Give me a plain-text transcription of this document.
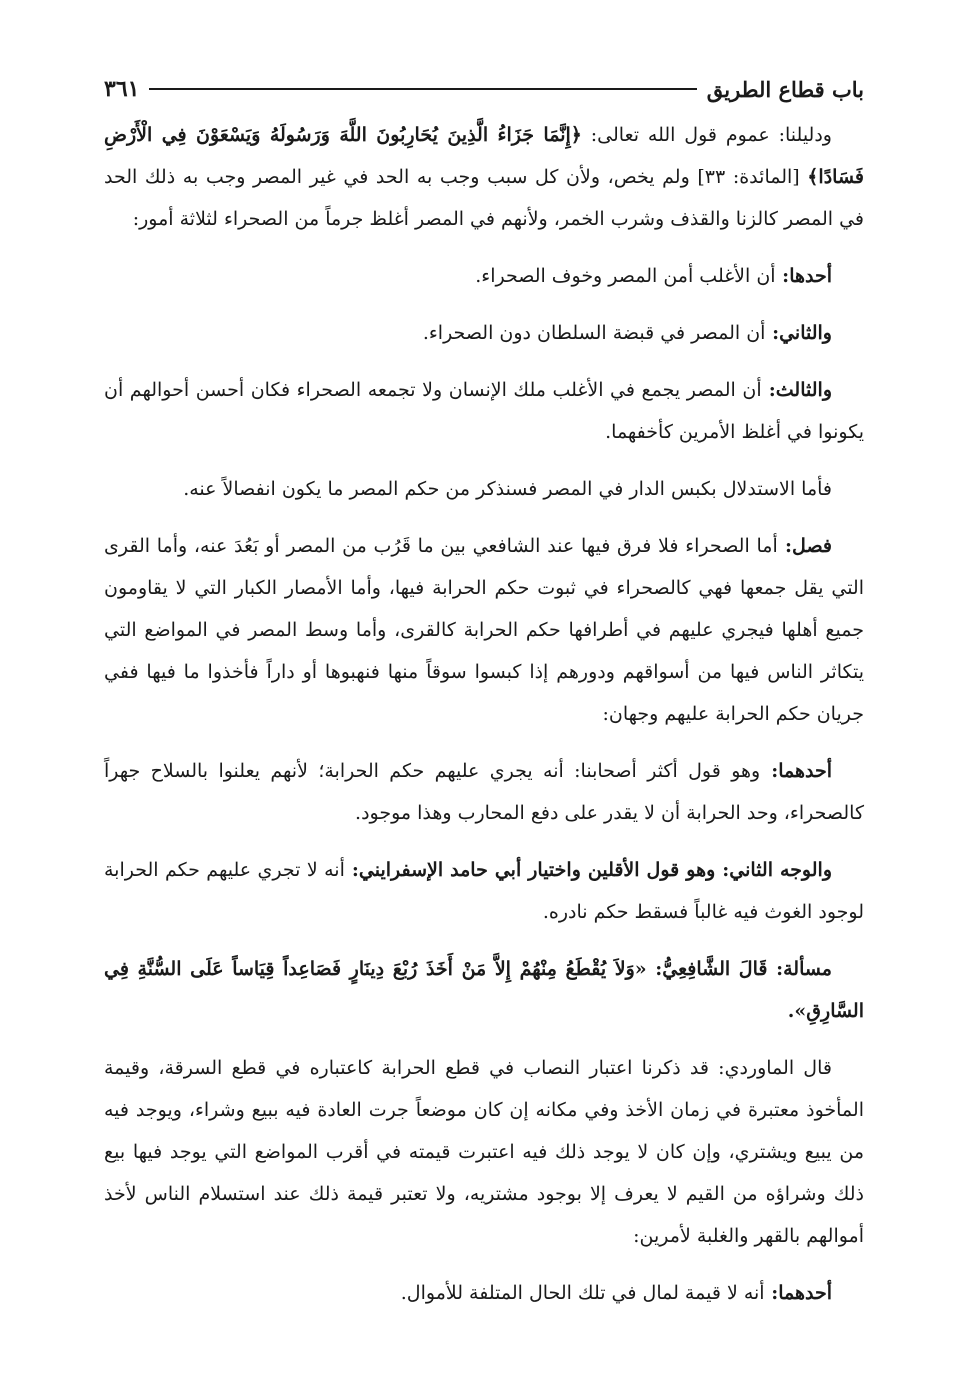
باب قطاع الطريق
٣٦١

ودليلنا: عموم قول الله تعالى: ﴿إِنَّمَا جَزَاءُ الَّذِينَ يُحَارِبُونَ اللَّهَ وَرَسُولَهُ وَيَسْعَوْنَ فِي الْأَرْضِ فَسَادًا﴾ [المائدة: ٣٣] ولم يخص، ولأن كل سبب وجب به الحد في غير المصر وجب به ذلك الحد في المصر كالزنا والقذف وشرب الخمر، ولأنهم في المصر أغلظ جرماً من الصحراء لثلاثة أمور:

أحدها: أن الأغلب أمن المصر وخوف الصحراء.

والثاني: أن المصر في قبضة السلطان دون الصحراء.

والثالث: أن المصر يجمع في الأغلب ملك الإنسان ولا تجمعه الصحراء فكان أحسن أحوالهم أن يكونوا في أغلظ الأمرين كأخفهما.

فأما الاستدلال بكبس الدار في المصر فسنذكر من حكم المصر ما يكون انفصالاً عنه.

فصل: أما الصحراء فلا فرق فيها عند الشافعي بين ما قَرُب من المصر أو بَعُدَ عنه، وأما القرى التي يقل جمعها فهي كالصحراء في ثبوت حكم الحرابة فيها، وأما الأمصار الكبار التي لا يقاومون جميع أهلها فيجري عليهم في أطرافها حكم الحرابة كالقرى، وأما وسط المصر في المواضع التي يتكاثر الناس فيها من أسواقهم ودورهم إذا كبسوا سوقاً منها فنهبوها أو داراً فأخذوا ما فيها ففي جريان حكم الحرابة عليهم وجهان:

أحدهما: وهو قول أكثر أصحابنا: أنه يجري عليهم حكم الحرابة؛ لأنهم يعلنوا بالسلاح جهراً كالصحراء، وحد الحرابة أن لا يقدر على دفع المحارب وهذا موجود.

والوجه الثاني: وهو قول الأقلين واختيار أبي حامد الإسفرايني: أنه لا تجري عليهم حكم الحرابة لوجود الغوث فيه غالباً فسقط حكم نادره.

مسألة: قَالَ الشَّافِعِيُّ: «وَلاَ يُقْطَعُ مِنْهُمْ إِلاَّ مَنْ أَخَذَ رُبْعَ دِينَارٍ فَصَاعِداً قِيَاساً عَلَى السُّنَّةِ فِي السَّارِقِ».

قال الماوردي: قد ذكرنا اعتبار النصاب في قطع الحرابة كاعتباره في قطع السرقة، وقيمة المأخوذ معتبرة في زمان الأخذ وفي مكانه إن كان موضعاً جرت العادة فيه ببيع وشراء، ويوجد فيه من يبيع ويشتري، وإن كان لا يوجد ذلك فيه اعتبرت قيمته في أقرب المواضع التي يوجد فيها بيع ذلك وشراؤه من القيم لا يعرف إلا بوجود مشتريه، ولا تعتبر قيمة ذلك عند استسلام الناس لأخذ أموالهم بالقهر والغلبة لأمرين:

أحدهما: أنه لا قيمة لمال في تلك الحال المتلفة للأموال.
